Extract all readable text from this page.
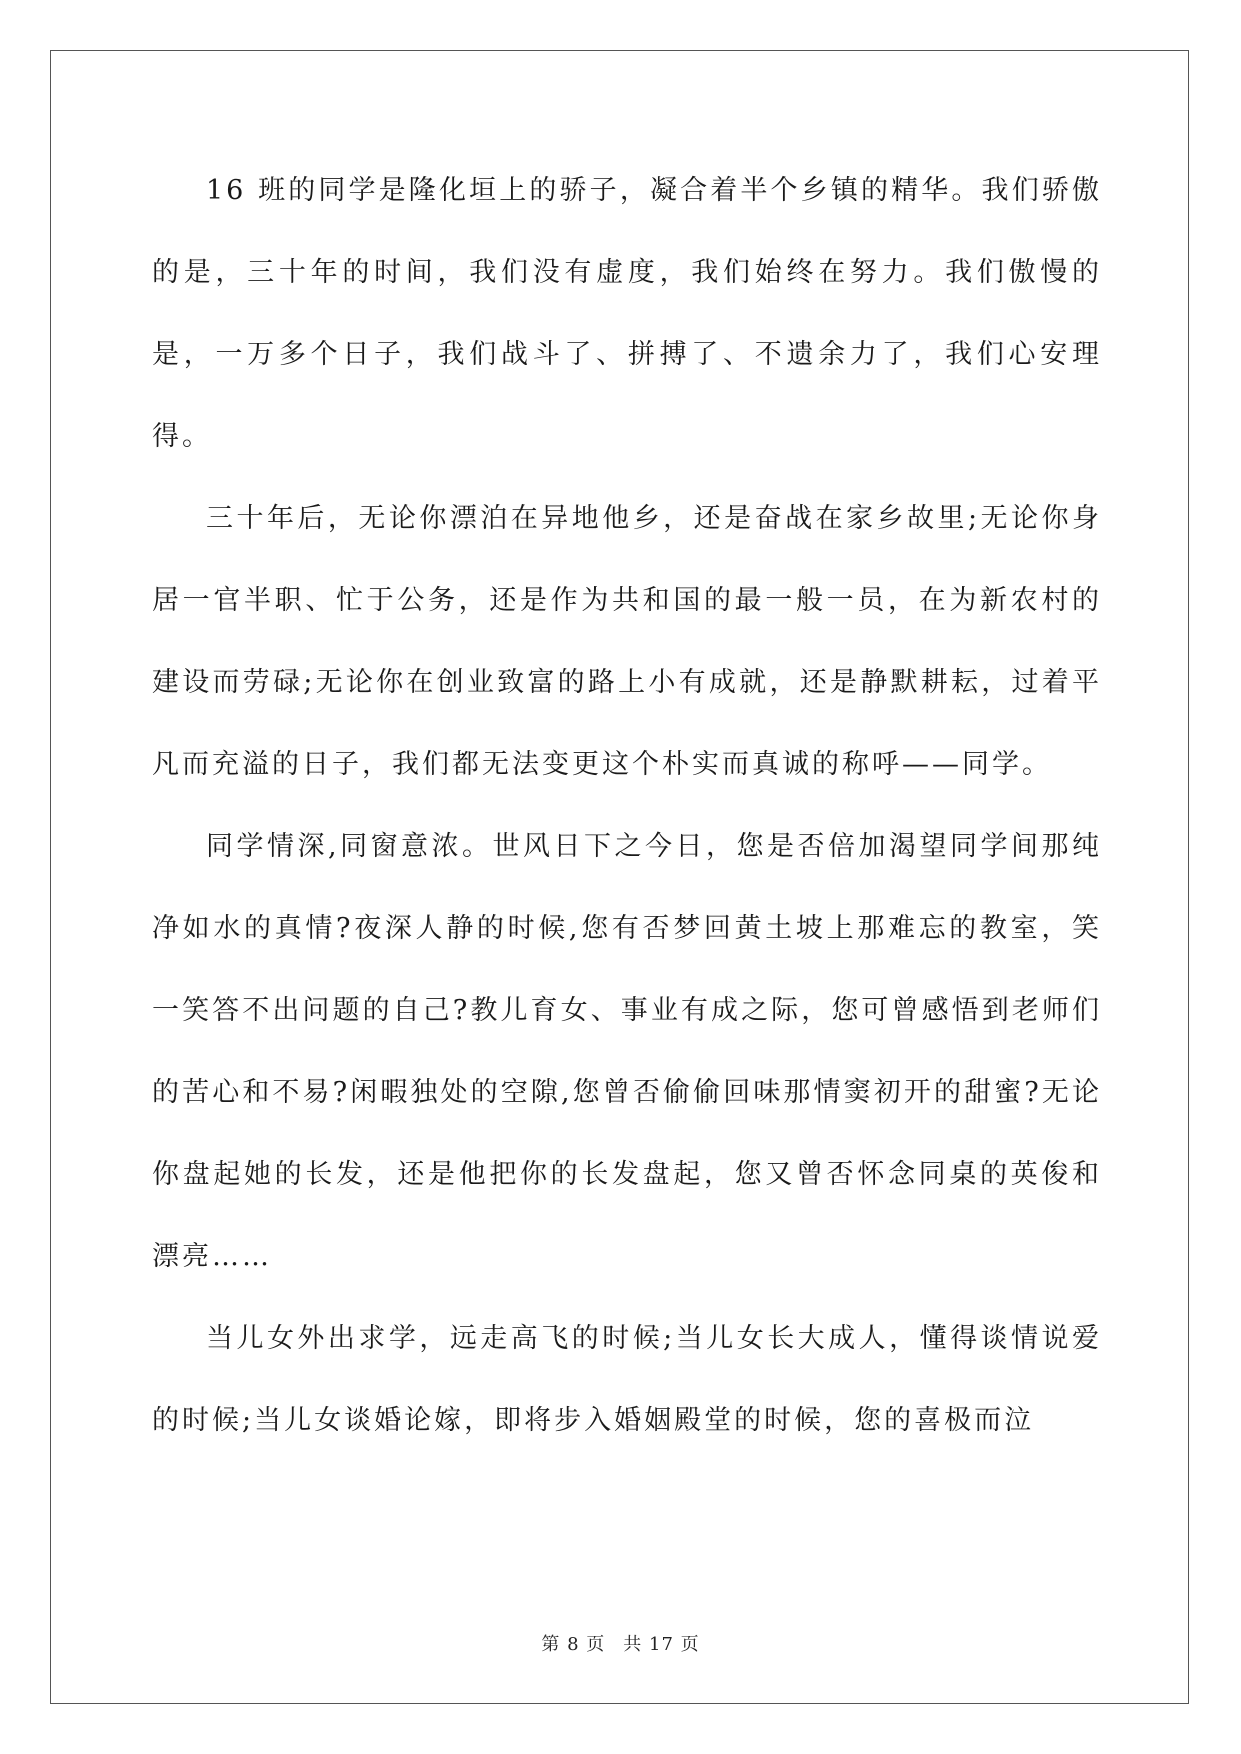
16 班的同学是隆化垣上的骄子，凝合着半个乡镇的精华。我们骄傲的是，三十年的时间，我们没有虚度，我们始终在努力。我们傲慢的是，一万多个日子，我们战斗了、拼搏了、不遗余力了，我们心安理得。

三十年后，无论你漂泊在异地他乡，还是奋战在家乡故里;无论你身居一官半职、忙于公务，还是作为共和国的最一般一员，在为新农村的建设而劳碌;无论你在创业致富的路上小有成就，还是静默耕耘，过着平凡而充溢的日子，我们都无法变更这个朴实而真诚的称呼——同学。

同学情深,同窗意浓。世风日下之今日，您是否倍加渴望同学间那纯净如水的真情?夜深人静的时候,您有否梦回黄土坡上那难忘的教室，笑一笑答不出问题的自己?教儿育女、事业有成之际，您可曾感悟到老师们的苦心和不易?闲暇独处的空隙,您曾否偷偷回味那情窦初开的甜蜜?无论你盘起她的长发，还是他把你的长发盘起，您又曾否怀念同桌的英俊和漂亮……

当儿女外出求学，远走高飞的时候;当儿女长大成人，懂得谈情说爱的时候;当儿女谈婚论嫁，即将步入婚姻殿堂的时候，您的喜极而泣

第 8 页 共 17 页
